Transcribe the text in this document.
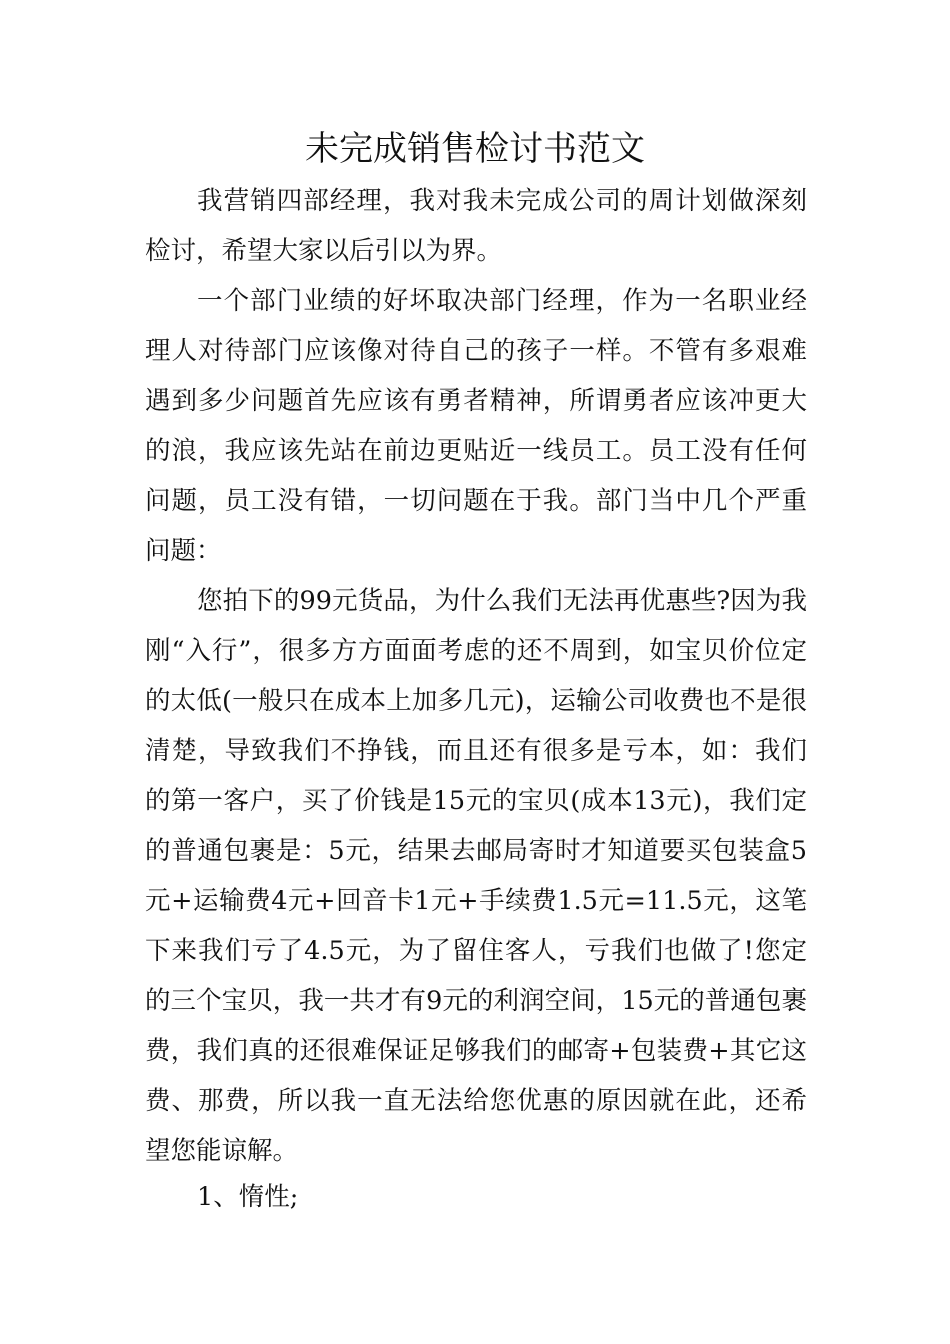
未完成销售检讨书范文

我营销四部经理，我对我未完成公司的周计划做深刻检讨，希望大家以后引以为界。

一个部门业绩的好坏取决部门经理，作为一名职业经理人对待部门应该像对待自己的孩子一样。不管有多艰难遇到多少问题首先应该有勇者精神，所谓勇者应该冲更大的浪，我应该先站在前边更贴近一线员工。员工没有任何问题，员工没有错，一切问题在于我。部门当中几个严重问题：

您拍下的99元货品，为什么我们无法再优惠些?因为我刚“入行”，很多方方面面考虑的还不周到，如宝贝价位定的太低(一般只在成本上加多几元)，运输公司收费也不是很清楚，导致我们不挣钱，而且还有很多是亏本，如：我们的第一客户，买了价钱是15元的宝贝(成本13元)，我们定的普通包裹是：5元，结果去邮局寄时才知道要买包装盒5元+运输费4元+回音卡1元+手续费1.5元=11.5元，这笔下来我们亏了4.5元，为了留住客人，亏我们也做了!您定的三个宝贝，我一共才有9元的利润空间，15元的普通包裹费，我们真的还很难保证足够我们的邮寄+包装费+其它这费、那费，所以我一直无法给您优惠的原因就在此，还希望您能谅解。

1、惰性;
